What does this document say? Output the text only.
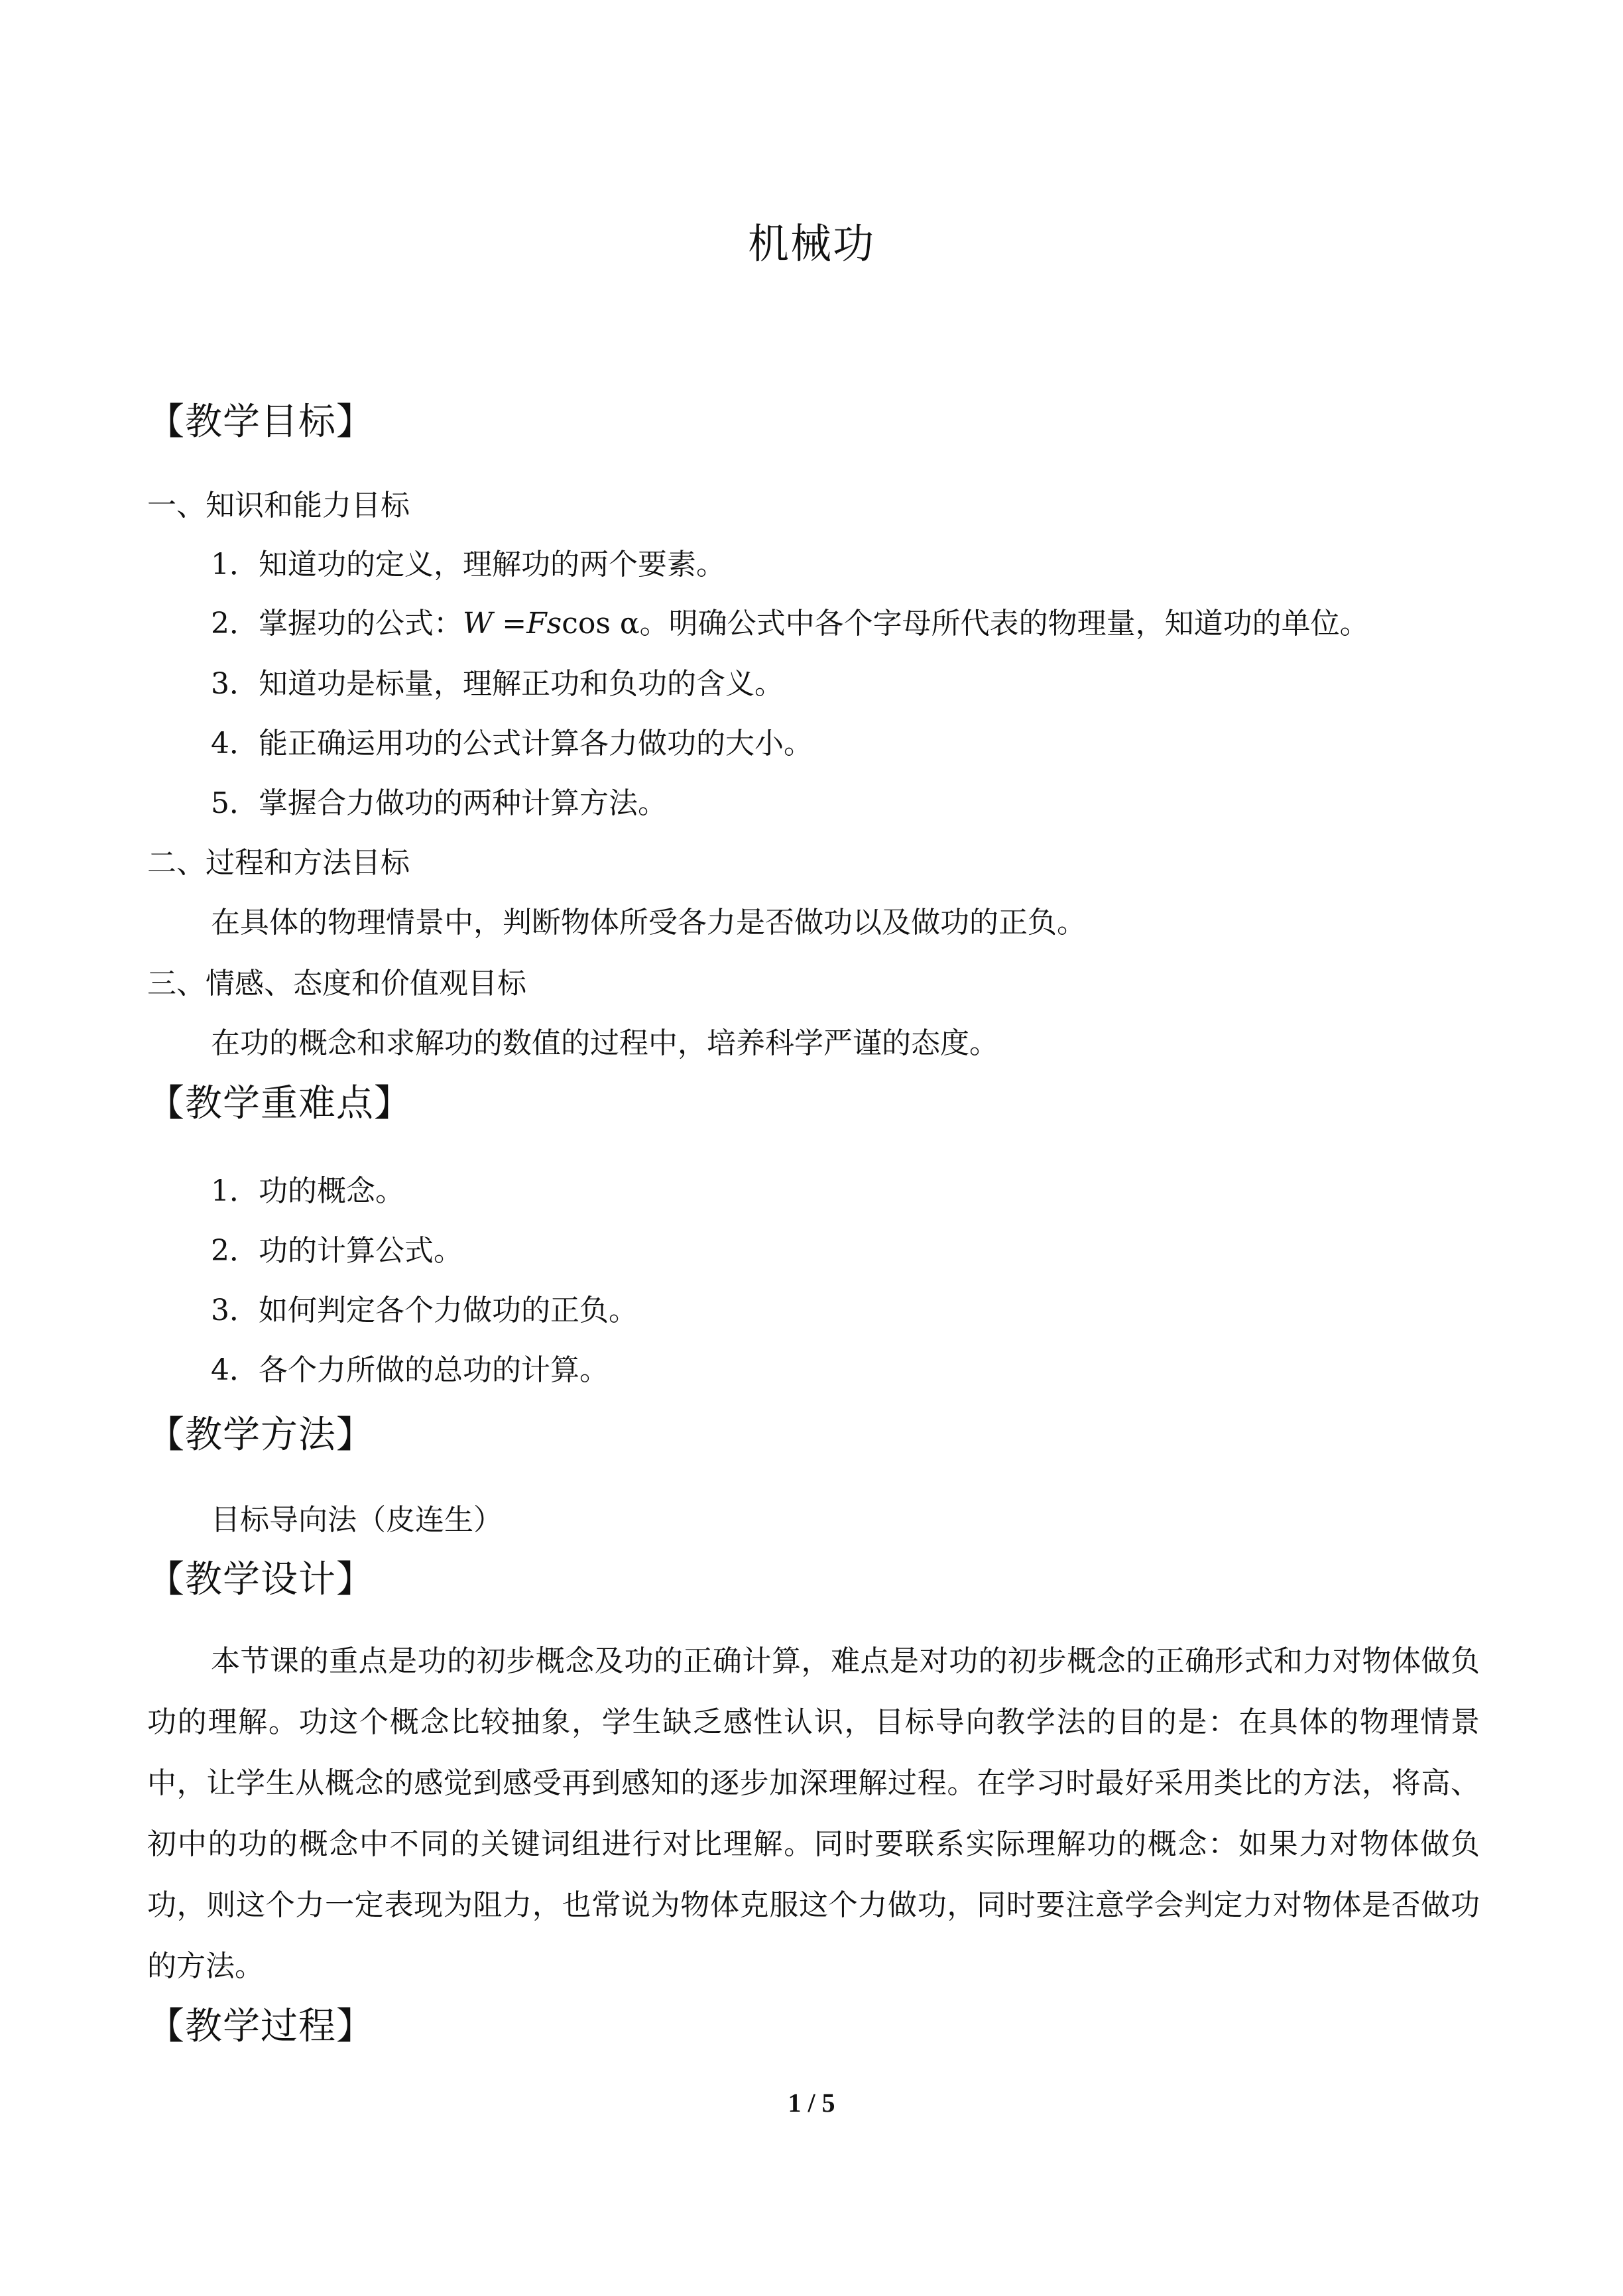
机械功
【教学目标】
一、知识和能力目标
1．知道功的定义，理解功的两个要素。
2．掌握功的公式：W =Fscos α。明确公式中各个字母所代表的物理量，知道功的单位。
3．知道功是标量，理解正功和负功的含义。
4．能正确运用功的公式计算各力做功的大小。
5．掌握合力做功的两种计算方法。
二、过程和方法目标
在具体的物理情景中，判断物体所受各力是否做功以及做功的正负。
三、情感、态度和价值观目标
在功的概念和求解功的数值的过程中，培养科学严谨的态度。
【教学重难点】
1．功的概念。
2．功的计算公式。
3．如何判定各个力做功的正负。
4．各个力所做的总功的计算。
【教学方法】
目标导向法（皮连生）
【教学设计】

本节课的重点是功的初步概念及功的正确计算，难点是对功的初步概念的正确形式和力对物体做负功的理解。功这个概念比较抽象，学生缺乏感性认识，目标导向教学法的目的是：在具体的物理情景中，让学生从概念的感觉到感受再到感知的逐步加深理解过程。在学习时最好采用类比的方法，将高、初中的功的概念中不同的关键词组进行对比理解。同时要联系实际理解功的概念：如果力对物体做负功，则这个力一定表现为阻力，也常说为物体克服这个力做功，同时要注意学会判定力对物体是否做功的方法。

【教学过程】
1 / 5
